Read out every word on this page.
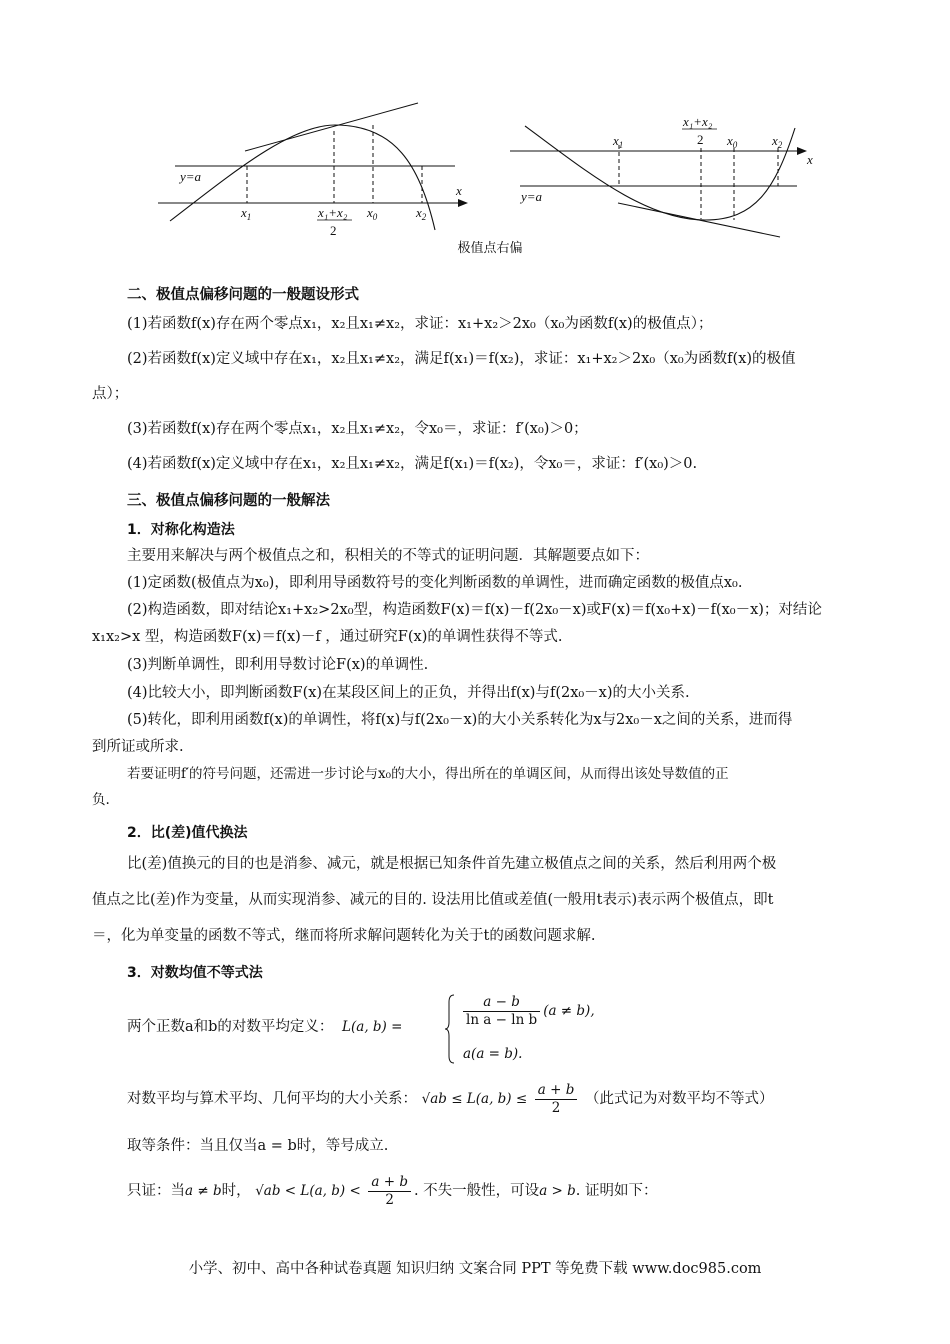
y=a
x
$x_1$	x₁+x₂
2
$x_0$	$x_2$
y=a
x
$x_1$
x₁+x₂
2 $x_0$	$x_2$
极值点右偏
二、极值点偏移问题的一般题设形式
(1)若函数f(x)存在两个零点x₁，x₂且x₁≠x₂，求证：x₁+x₂＞2x₀（x₀为函数f(x)的极值点）；
(2)若函数f(x)定义域中存在x₁，x₂且x₁≠x₂，满足f(x₁)＝f(x₂)，求证：x₁+x₂＞2x₀（x₀为函数f(x)的极值
点）；
(3)若函数f(x)存在两个零点x₁，x₂且x₁≠x₂，令x₀＝，求证：f′(x₀)＞0；
(4)若函数f(x)定义域中存在x₁，x₂且x₁≠x₂，满足f(x₁)＝f(x₂)，令x₀＝，求证：f′(x₀)＞0.
三、极值点偏移问题的一般解法
1．对称化构造法
主要用来解决与两个极值点之和，积相关的不等式的证明问题．其解题要点如下：
(1)定函数(极值点为x₀)，即利用导函数符号的变化判断函数的单调性，进而确定函数的极值点x₀.
(2)构造函数，即对结论x₁+x₂>2x₀型，构造函数F(x)＝f(x)－f(2x₀－x)或F(x)＝f(x₀+x)－f(x₀－x)；对结论
x₁x₂>x 型，构造函数F(x)＝f(x)－f ，通过研究F(x)的单调性获得不等式.
(3)判断单调性，即利用导数讨论F(x)的单调性.
(4)比较大小，即判断函数F(x)在某段区间上的正负，并得出f(x)与f(2x₀－x)的大小关系.
(5)转化，即利用函数f(x)的单调性，将f(x)与f(2x₀－x)的大小关系转化为x与2x₀－x之间的关系，进而得
到所证或所求.
若要证明f′的符号问题，还需进一步讨论与x₀的大小，得出所在的单调区间，从而得出该处导数值的正
负.
2．比(差)值代换法
比(差)值换元的目的也是消参、减元，就是根据已知条件首先建立极值点之间的关系，然后利用两个极
值点之比(差)作为变量，从而实现消参、减元的目的. 设法用比值或差值(一般用t表示)表示两个极值点，即t
＝，化为单变量的函数不等式，继而将所求解问题转化为关于t的函数问题求解.
3．对数均值不等式法
两个正数a和b的对数平均定义： L(a, b) =	$\frac{a - b}{\text{ln a − ln b}} (a \ne b)$,
a(a = b).
对数平均与算术平均、几何平均的大小关系： √ab ≤ L(a, $b) \le \frac{a + b}{2}$ （此式记为对数平均不等式）
取等条件：当且仅当a = b时，等号成立.
只证：当a ≠ b时， √ab < L(a, $b) < \frac{a + b}{2}$ . 不失一般性，可设a > b. 证明如下：
小学、初中、高中各种试卷真题 知识归纳 文案合同 PPT 等免费下载 www.doc985.com
